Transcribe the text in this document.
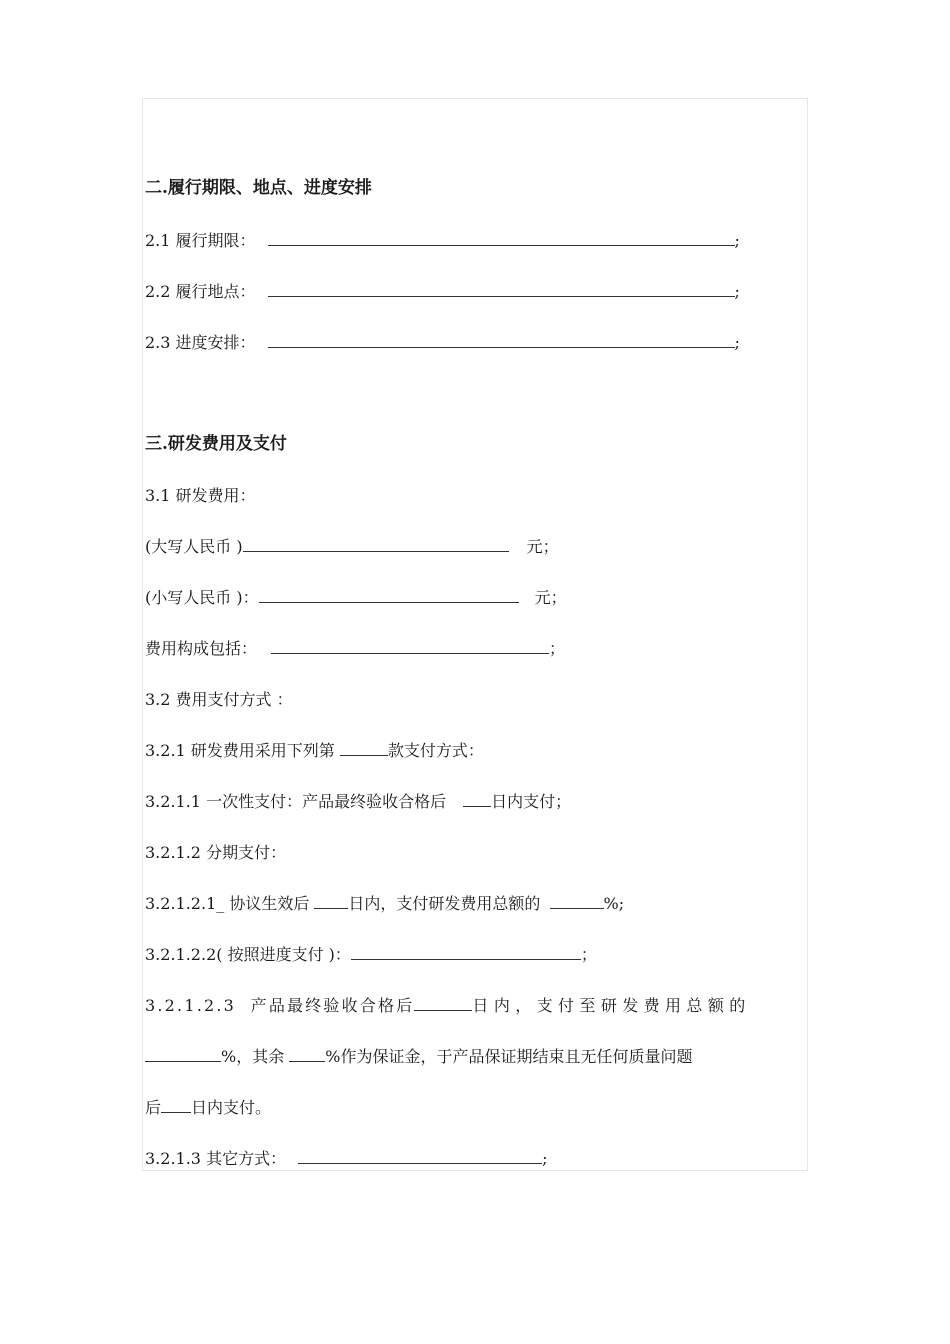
二.履行期限、地点、进度安排
2.1 履行期限：	;
2.2 履行地点：	;
2.3 进度安排：	;
三.研发费用及支付
3.1 研发费用：
(大写人民币 )	元；
(小写人民币 )：	元；
费用构成包括：	；
3.2 费用支付方式 ：
3.2.1 研发费用采用下列第	款支付方式：
3.2.1.1 一次性支付：产品最终验收合格后	日内支付；
3.2.1.2 分期支付：
3.2.1.2.1_ 协议生效后 日内，支付研发费用总额的	%;
3.2.1.2.2( 按照进度支付 )：	；
3.2.1.2.3  产品最终验收合格后	日内，支付至研发费用总额的
%，其余 %作为保证金，于产品保证期结束且无任何质量问题
后 日内支付。
3.2.1.3 其它方式：	;
